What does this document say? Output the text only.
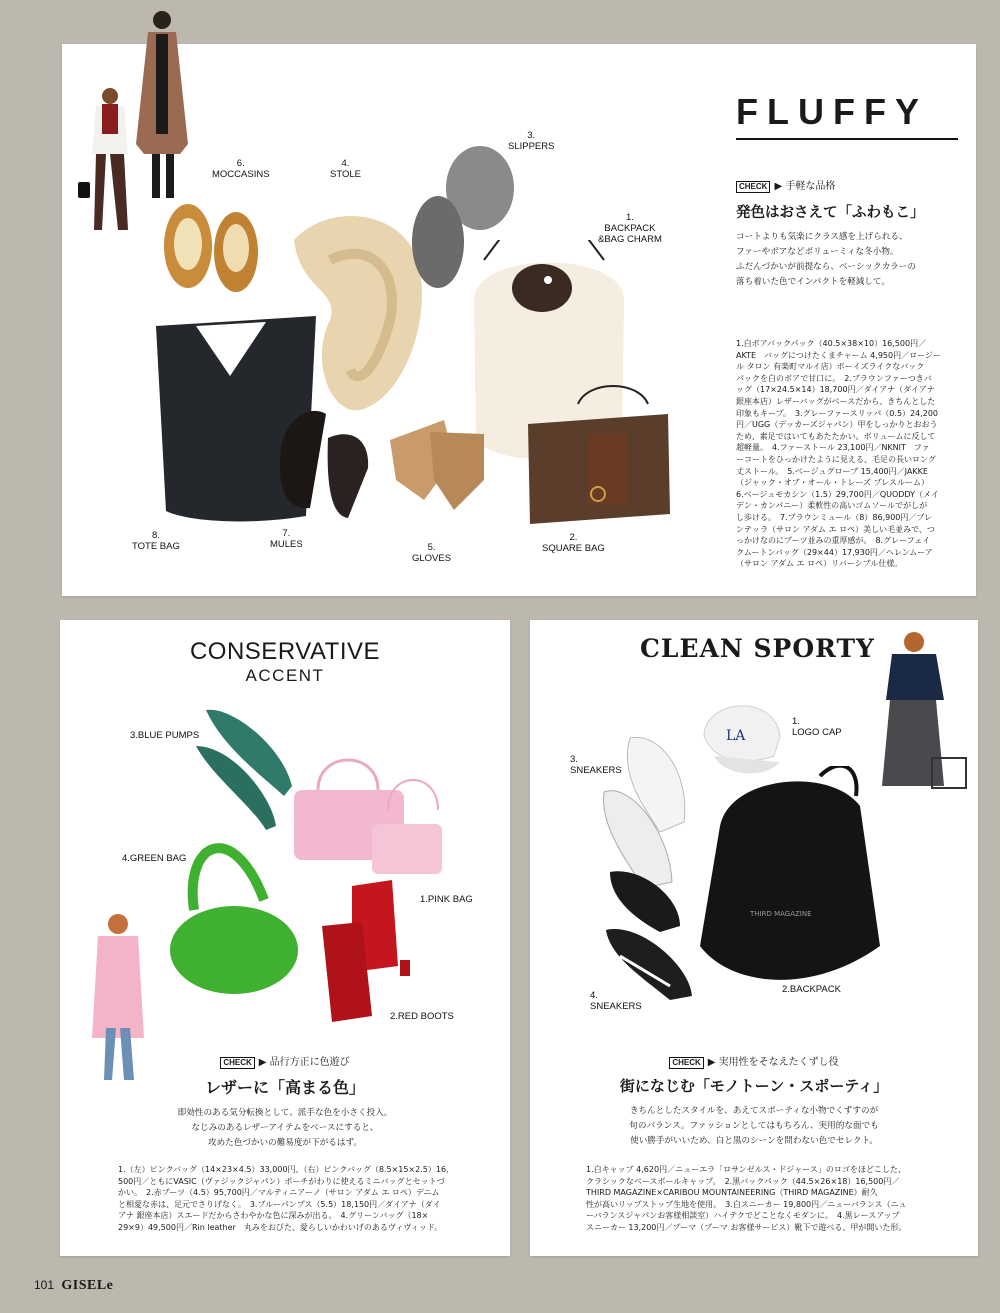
6.
MOCCASINS
4.
STOLE
3.
SLIPPERS
1.
BACKPACK
&BAG CHARM
8.
TOTE BAG
7.
MULES	5.
GLOVES
2.
SQUARE BAG
FLUFFY
CHECK ▶ 手軽な品格
発色はおさえて「ふわもこ」
コートよりも気楽にクラス感を上げられる、
ファーやボアなどボリューミィな冬小物。
ふだんづかいが前提なら、ベーシックカラーの
落ち着いた色でインパクトを軽減して。
1.白ボアバックパック（40.5×38×10）16,500円／
AKTE　バッグにつけたくまチャーム 4,950円／ロージー
ル タロン 有楽町マルイ店）ボーイズライクなバック
パックを白のボアで甘口に。　2.ブラウンファーつきバ
ッグ（17×24.5×14）18,700円／ダイアナ（ダイアナ
銀座本店）レザーバッグがベースだから、きちんとした
印象もキープ。　3.グレーファースリッパ（0.5）24,200
円／UGG（デッカーズジャパン）甲をしっかりとおおう
ため、素足ではいてもあたたかい。ボリュームに反して
超軽量。　4.ファーストール 23,100円／NKNIT　ファ
ーコートをひっかけたように見える、毛足の長いロング
丈ストール。　5.ベージュグローブ 15,400円／JAKKE
（ジャック・オブ・オール・トレーズ プレスルーム）
6.ベージュモカシン（1.5）29,700円／QUODDY（メイ
デン・カンパニー）柔軟性の高いゴムソールでがしが
し歩ける。　7.ブラウンミュール（8）86,900円／ブレ
ンテッラ（サロン アダム エ ロペ）美しい毛並みで、つ
っかけなのにブーツ並みの重厚感が。　8.グレーフェイ
クムートンバッグ（29×44）17,930円／ヘレンムーア
（サロン アダム エ ロペ）リバーシブル仕様。
CONSERVATIVE
ACCENT
3.BLUE PUMPS
4.GREEN BAG
1.PINK BAG
2.RED BOOTS
CHECK ▶ 品行方正に色遊び
レザーに「高まる色」
即効性のある気分転換として、派手な色を小さく投入。
なじみのあるレザーアイテムをベースにすると、
攻めた色づかいの難易度が下がるはず。
1.（左）ピンクバッグ（14×23×4.5）33,000円、（右）ピンクバッグ（8.5×15×2.5）16,
500円／ともにVASIC（ヴァジックジャパン）ポーチがわりに使えるミニバッグとセットづ
かい。　2.赤ブーツ（4.5）95,700円／マルティニアーノ（サロン アダム エ ロペ）デニム
と相愛な赤は、足元でさりげなく。　3.ブルーパンプス（5.5）18,150円／ダイアナ（ダイ
アナ 銀座本店）スエードだからさわやかな色に深みが出る。　4.グリーンバッグ（18×
29×9）49,500円／Rin leather　丸みをおびた、愛らしいかわいげのあるヴィヴィッド。
CLEAN SPORTY
LA
THIRD MAGAZINE
1.
LOGO CAP
3.
SNEAKERS
2.BACKPACK
4.
SNEAKERS
CHECK ▶ 実用性をそなえたくずし役
街になじむ「モノトーン・スポーティ」
きちんとしたスタイルを、あえてスポーティな小物でくずすのが
旬のバランス。ファッションとしてはもちろん、実用的な面でも
使い勝手がいいため、白と黒のシーンを問わない色でセレクト。
1.白キャップ 4,620円／ニューエラ「ロサンゼルス・ドジャース」のロゴをほどこした、
クラシックなベースボールキャップ。　2.黒バックパック（44.5×26×18）16,500円／
THIRD MAGAZINE×CARIBOU MOUNTAINEERING（THIRD MAGAZINE）耐久
性が高いリップストップ生地を使用。　3.白スニーカー 19,800円／ニューバランス（ニュ
ーバランスジャパンお客様相談室）ハイテクでどことなくモダンに。　4.黒レースアップ
スニーカー 13,200円／プーマ（プーマ お客様サービス）靴下で遊べる、甲が開いた形。
101 GISELe
